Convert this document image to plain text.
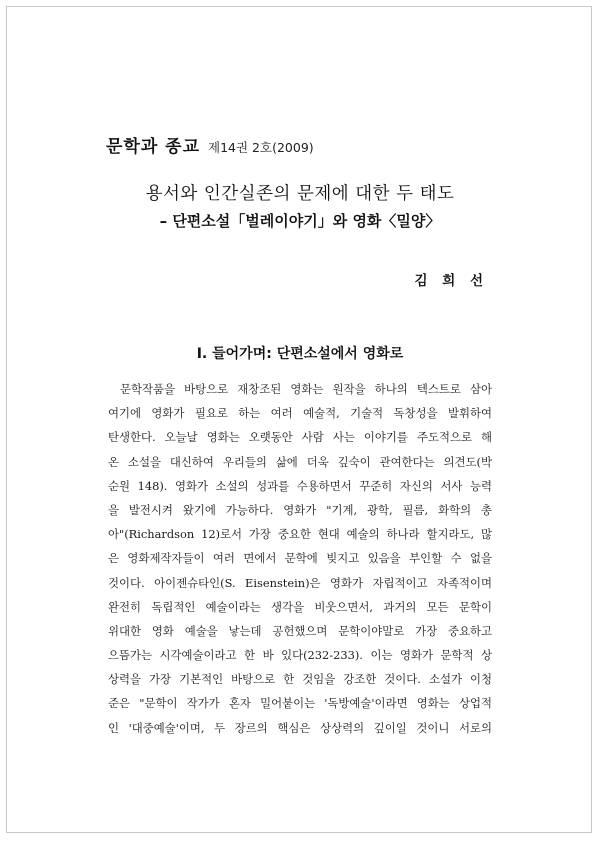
문학과 종교 제14권 2호(2009)
용서와 인간실존의 문제에 대한 두 태도
– 단편소설「벌레이야기」와 영화〈밀양〉
김 희 선
I. 들어가며: 단편소설에서 영화로
문학작품을 바탕으로 재창조된 영화는 원작을 하나의 텍스트로 삼아
여기에 영화가 필요로 하는 여러 예술적, 기술적 독창성을 발휘하여
탄생한다. 오늘날 영화는 오랫동안 사람 사는 이야기를 주도적으로 해
온 소설을 대신하여 우리들의 삶에 더욱 깊숙이 관여한다는 의견도(박
순원 148). 영화가 소설의 성과를 수용하면서 꾸준히 자신의 서사 능력
을 발전시켜 왔기에 가능하다. 영화가 "기계, 광학, 필름, 화학의 총
아"(Richardson 12)로서 가장 중요한 현대 예술의 하나라 할지라도, 많
은 영화제작자들이 여러 면에서 문학에 빚지고 있음을 부인할 수 없을
것이다. 아이젠슈타인(S. Eisenstein)은 영화가 자립적이고 자족적이며
완전히 독립적인 예술이라는 생각을 비웃으면서, 과거의 모든 문학이
위대한 영화 예술을 낳는데 공헌했으며 문학이야말로 가장 중요하고
으뜸가는 시각예술이라고 한 바 있다(232-233). 이는 영화가 문학적 상
상력을 가장 기본적인 바탕으로 한 것임을 강조한 것이다. 소설가 이청
준은 "문학이 작가가 혼자 밀어붙이는 '독방예술'이라면 영화는 상업적
인 '대중예술'이며, 두 장르의 핵심은 상상력의 깊이일 것이니 서로의
